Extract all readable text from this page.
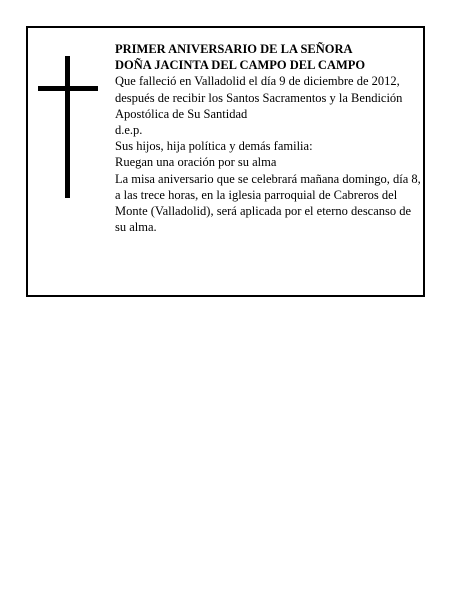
PRIMER ANIVERSARIO DE LA SEÑORA

DOÑA JACINTA DEL CAMPO DEL CAMPO

Que falleció en Valladolid el día 9 de diciembre de 2012, después de recibir los Santos Sacramentos y la Bendición Apostólica de Su Santidad

d.e.p.

Sus hijos, hija política y demás familia:

Ruegan una oración por su alma

La misa aniversario que se celebrará mañana domingo, día 8, a las trece horas, en la iglesia parroquial de Cabreros del Monte (Valladolid), será aplicada por el eterno descanso de su alma.
